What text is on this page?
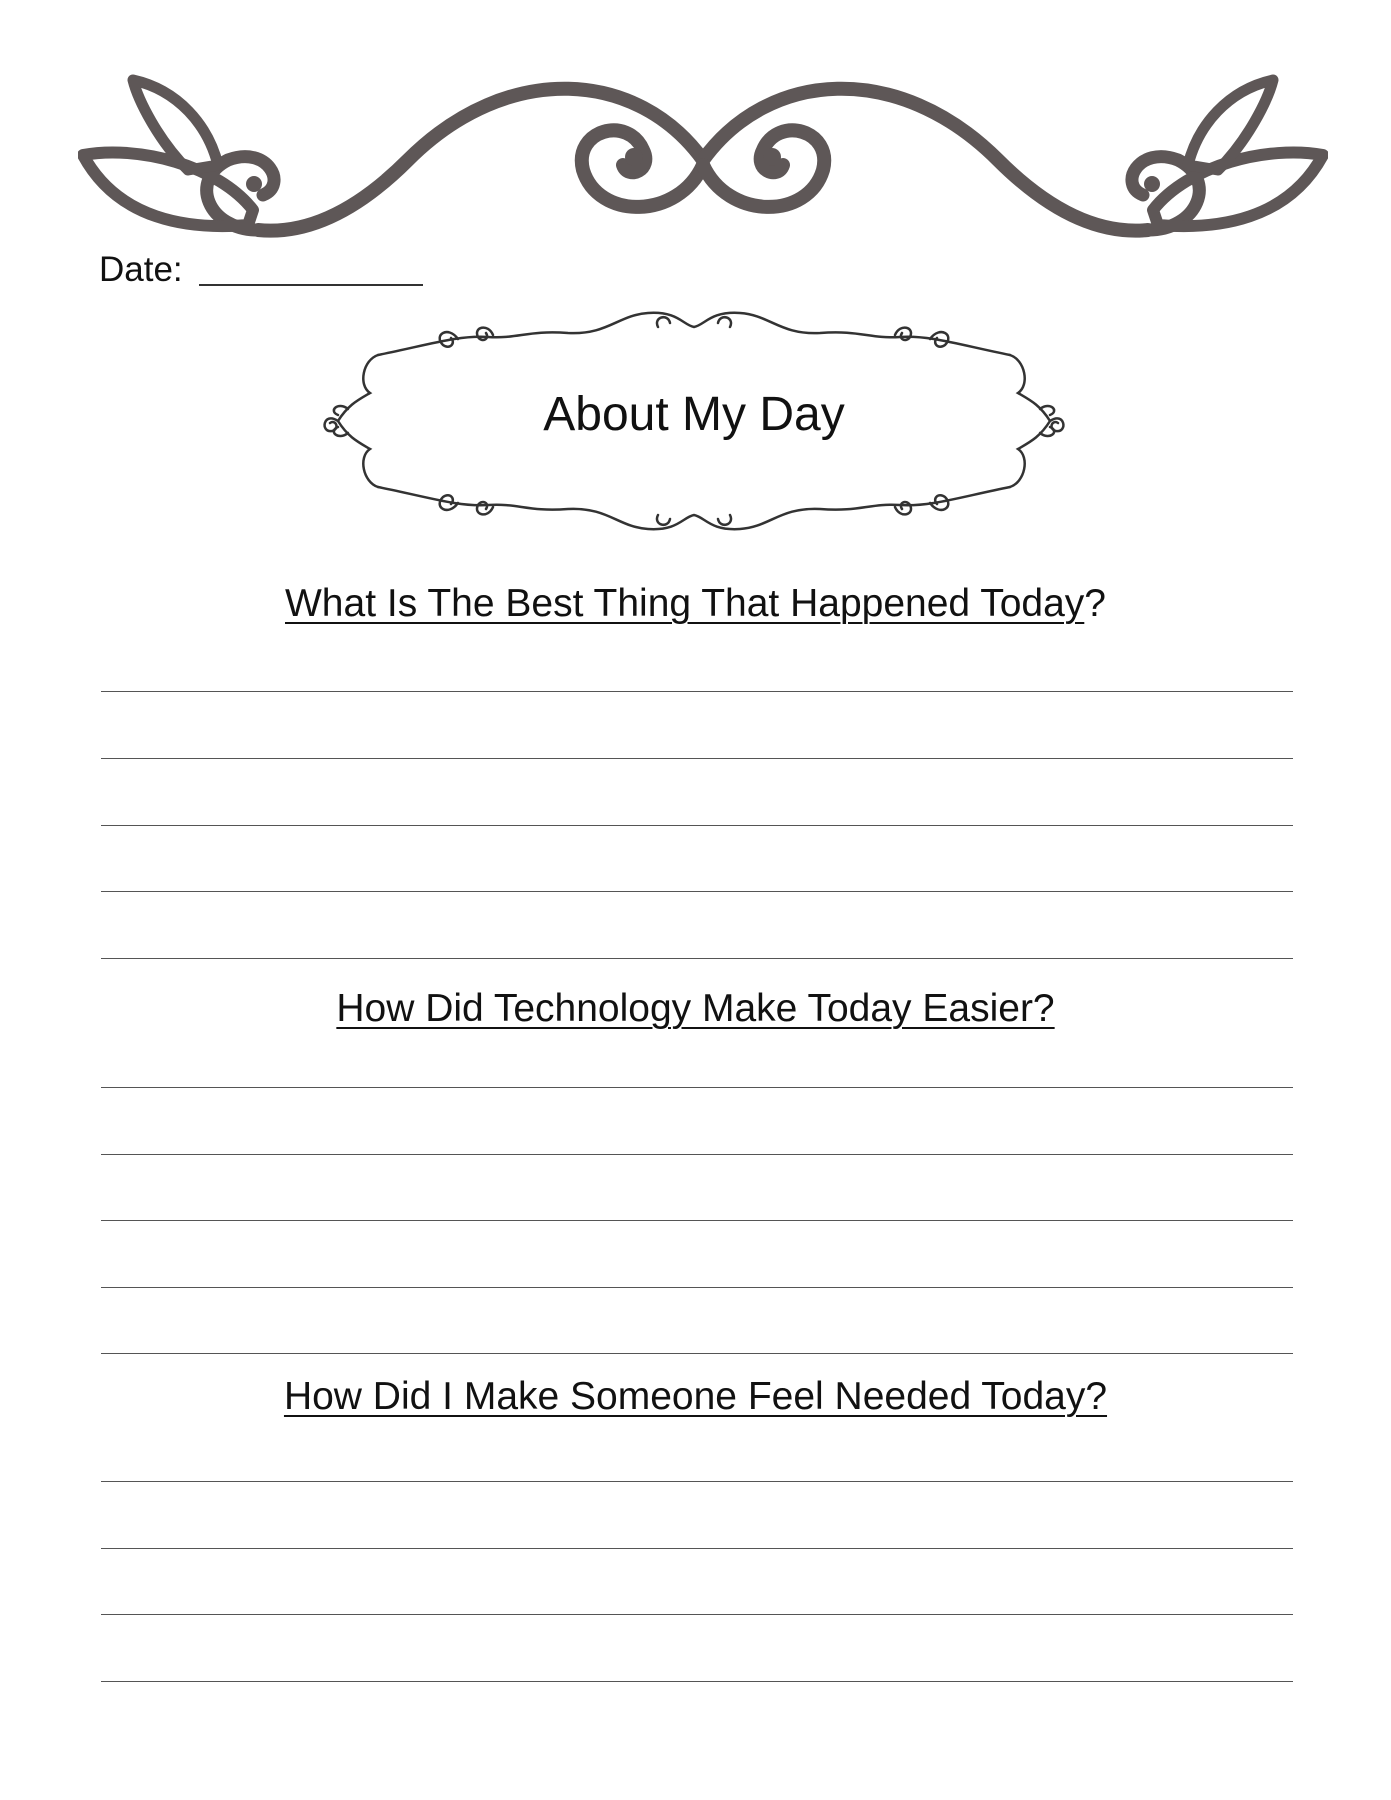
Date:
About My Day
What Is The Best Thing That Happened Today?
How Did Technology Make Today Easier?
How Did I Make Someone Feel Needed Today?
